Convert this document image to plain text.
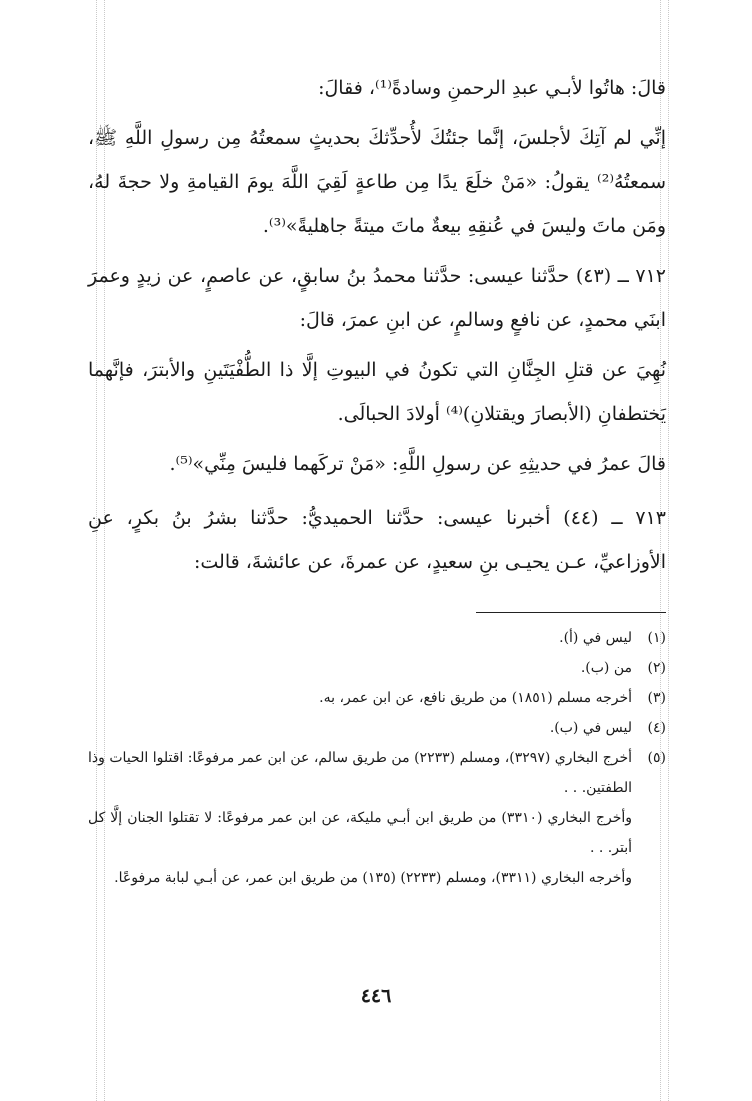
قالَ: هاتُوا لأبـي عبدِ الرحمنِ وسادةً⁽¹⁾، فقالَ:

إنِّي لم آتِكَ لأجلسَ، إنَّما جئتُكَ لأُحدِّثكَ بحديثٍ سمعتُهُ مِن رسولِ اللَّهِ ﷺ، سمعتُهُ⁽²⁾ يقولُ: «مَنْ خلَعَ يدًا مِن طاعةٍ لَقِيَ اللَّهَ يومَ القيامةِ ولا حجةَ لهُ، ومَن ماتَ وليسَ في عُنقِهِ بيعةٌ ماتَ ميتةً جاهليةً»⁽³⁾.

٧١٢ ــ (٤٣) حدَّثنا عيسى: حدَّثنا محمدُ بنُ سابقٍ، عن عاصمٍ، عن زيدٍ وعمرَ ابنَي محمدٍ، عن نافعٍ وسالمٍ، عن ابنِ عمرَ، قالَ:

نُهِيَ عن قتلِ الجِنَّانِ التي تكونُ في البيوتِ إلَّا ذا الطُّفْيَتَينِ والأبترَ، فإنَّهما يَختطفانِ (الأبصارَ ويقتلانِ)⁽⁴⁾ أولادَ الحبالَى.

قالَ عمرُ في حديثِهِ عن رسولِ اللَّهِ: «مَنْ تركَهما فليسَ مِنِّي»⁽⁵⁾.

٧١٣ ــ (٤٤) أخبرنا عيسى: حدَّثنا الحميديُّ: حدَّثنا بشرُ بنُ بكرٍ، عنِ الأوزاعيِّ، عـن يحيـى بنِ سعيدٍ، عن عمرةَ، عن عائشةَ، قالت:

(١)

ليس في (أ).

(٢)

من (ب).

(٣)

أخرجه مسلم (١٨٥١) من طريق نافع، عن ابن عمر، به.

(٤)

ليس في (ب).

(٥)

أخرج البخاري (٣٢٩٧)، ومسلم (٢٢٣٣) من طريق سالم، عن ابن عمر مرفوعًا: اقتلوا الحيات وذا الطفتين. . .

وأخرج البخاري (٣٣١٠) من طريق ابن أبـي مليكة، عن ابن عمر مرفوعًا: لا تقتلوا الجنان إلَّا كل أبتر. . .

وأخرجه البخاري (٣٣١١)، ومسلم (٢٢٣٣) (١٣٥) من طريق ابن عمر، عن أبـي لبابة مرفوعًا.

٤٤٦
